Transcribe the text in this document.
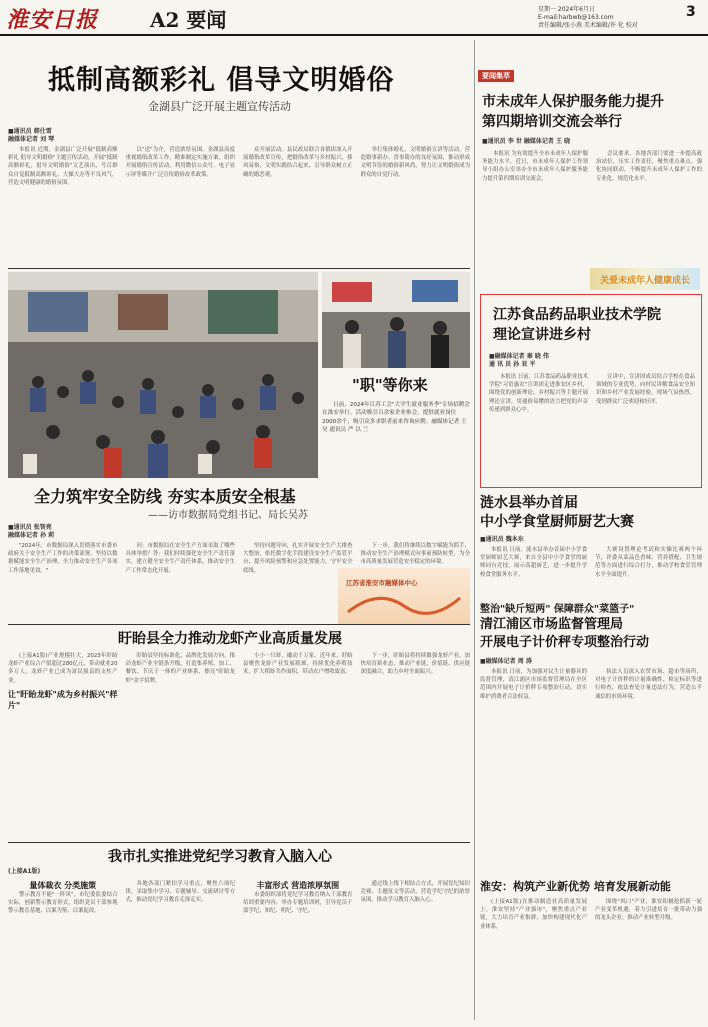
淮安日报	A2 要闻	星期一 2024年6月日
E-mail:harbwb@163.com
责任编辑/张小燕 美术编辑/许 化 校对
3
抵制高额彩礼 倡导文明婚俗
金湖县广泛开展主题宣传活动
■通讯员 韩仕雪
融媒体记者 刘 琴

本报讯 近期，金湖县广泛开展"抵制高额彩礼 倡导文明婚俗"主题宣传活动，开展"抵制高额彩礼，倡导文明婚俗"文艺演出，号召群众自觉抵制高额彩礼、大操大办等不良风气，营造文明健康的婚俗氛围。

以"送"为介，营造浓厚氛围。金湖县高度重视婚俗改革工作，精准制定实施方案，组织开展婚俗宣传活动，利用微信公众号、电子显示屏等媒介广泛宣传婚俗改革政策。

众开展活动。县民政局联合各镇街深入开展婚俗改革宣传，把婚俗改革与乡村振兴、移风易俗、文明实践结合起来，引导群众树立正确的婚恋观。

举行集体婚礼、文明婚俗宣讲等活动，营造婚事新办、喜事简办的良好氛围，推动形成文明节俭的婚俗新风尚，努力让文明婚俗成为群众的自觉行动。

要闻集萃
市未成年人保护服务能力提升
第四期培训交流会举行
■通讯员 李 世 融媒体记者 王 晓

本报讯 为有效提升全市未成年人保护服务能力水平，近日，市未成年人保护工作领导小组办公室举办全市未成年人保护服务能力提升第四期培训交流会。

会议要求，各地各部门要进一步提高政治站位，压实工作责任，聚焦重点难点，强化协同联动，不断提升未成年人保护工作的专业化、规范化水平。

关爱未成年人健康成长
"职"等你来
日前，2024年江苏工会"大学生就业服务季"专场招聘会在淮安举行。活动吸引百余家企业参会，提供就业岗位2000余个，吸引众多求职者前来咨询应聘。融媒体记者 王 昊 通讯员 严 以 兰
江苏食品药品职业技术学院
理论宣讲进乡村
■融媒体记者 秦 晓 伟
通 讯 员 孙 亚 平

本报讯 日前，江苏食品药品职业技术学院"习语惠农"宣讲团走进淮安区乡村，围绕党的创新理论、乡村振兴等主题开展理论宣讲，用通俗易懂的语言把党的声音传递到群众心中。

宣讲中，宣讲团成员结合学校在食品领域的专业优势，向村民讲解食品安全知识和乡村产业发展经验，现场气氛热烈，受到群众广泛欢迎和好评。

涟水县举办首届
中小学食堂厨师厨艺大赛
■通讯员 魏本东

本报讯 日前，涟水县举办首届中小学食堂厨师厨艺大赛，来自全县中小学食堂的厨师同台竞技，展示高超厨艺，进一步提升学校食堂服务水平。

大赛设置理论考试和实操比赛两个环节，评委从菜品色香味、营养搭配、卫生规范等方面进行综合打分，推动学校食堂管理水平全面提升。

全力筑牢安全防线 夯实本质安全根基
——访市数据局党组书记、局长吴苏
■通讯员 张智亮
融媒体记者 孙 莉

"2024年，市数据局深入贯彻落实市委市政府关于安全生产工作的决策部署，坚持以数据赋能安全生产治理，全力推动安全生产各项工作落地见效。"

问：市数据局在安全生产方面采取了哪些具体举措？答：我们持续强化安全生产责任落实，建立健全安全生产责任体系，推动安全生产工作常态化开展。

坚持问题导向，扎实开展安全生产大排查大整治，依托数字化手段建设安全生产监管平台，提升风险预警和应急处置能力，守牢安全底线。

下一步，我们将继续以数字赋能为抓手，推动安全生产治理模式向事前预防转型，为全市高质量发展营造安全稳定的环境。

江苏省淮安市融媒体中心
盱眙县全力推动龙虾产业高质量发展

(上接A1版)产业规模壮大，2023年盱眙龙虾产业综合产值超过280亿元，带动就业20多万人，龙虾产业已成为富民强县的支柱产业。

让"盱眙龙虾"成为乡村振兴"样片"

盱眙县坚持标准化、品牌化发展方向，推动龙虾产业全链条升级，打造集养殖、加工、餐饮、节庆于一体的产业体系，擦亮"盱眙龙虾"金字招牌。

小小一只虾，撬动千万家。近年来，盱眙县聚焦龙虾产业发展瓶颈，持续优化养殖技术，扩大稻虾共作面积，带动农户增收致富。

下一步，盱眙县将持续做强龙虾产业，加快培育新业态，推动产业链、价值链、供应链深度融合，助力乡村全面振兴。

整治"缺斤短两" 保障群众"菜篮子"
清江浦区市场监督管理局
开展电子计价秤专项整治行动
■融媒体记者 周 涛

本报讯 日前，为加强对民生计量器具的监督管理，清江浦区市场监督管理局在全区范围内开展电子计价秤专项整治行动，切实维护消费者合法权益。

执法人员深入农贸市场、超市等场所，对电子计价秤的计量准确性、检定标识等进行检查，依法查处计量违法行为，营造公平诚信的市场环境。

我市扎实推进党纪学习教育入脑入心
(上接A1版)
量体裁衣 分类施策

警示教育不能"一阵风"，市纪委监委结合实际，创新警示教育形式，组织党员干部参观警示教育基地，以案为鉴、以案促改。

各地各部门紧扣学习重点，聚焦六项纪律，采取集中学习、专题辅导、交流研讨等方式，推动党纪学习教育走深走实。

丰富形式 营造浓厚氛围

市委组织部将党纪学习教育纳入干部教育培训重要内容，举办专题培训班，引导党员干部学纪、知纪、明纪、守纪。

通过线上线下相结合方式，开展党纪知识竞赛、主题征文等活动，营造学纪守纪的浓厚氛围，推动学习教育入脑入心。

淮安：构筑产业新优势 培育发展新动能

(上接A1版)在推动制造业高质量发展上，淮安坚持"产业强市"，聚焦重点产业链，大力培育产业集群，加快构建现代化产业体系。

围绕"风口"产业，淮安积极抢抓新一轮产业变革机遇，着力引进培育一批带动力强的龙头企业，推动产业转型升级。
